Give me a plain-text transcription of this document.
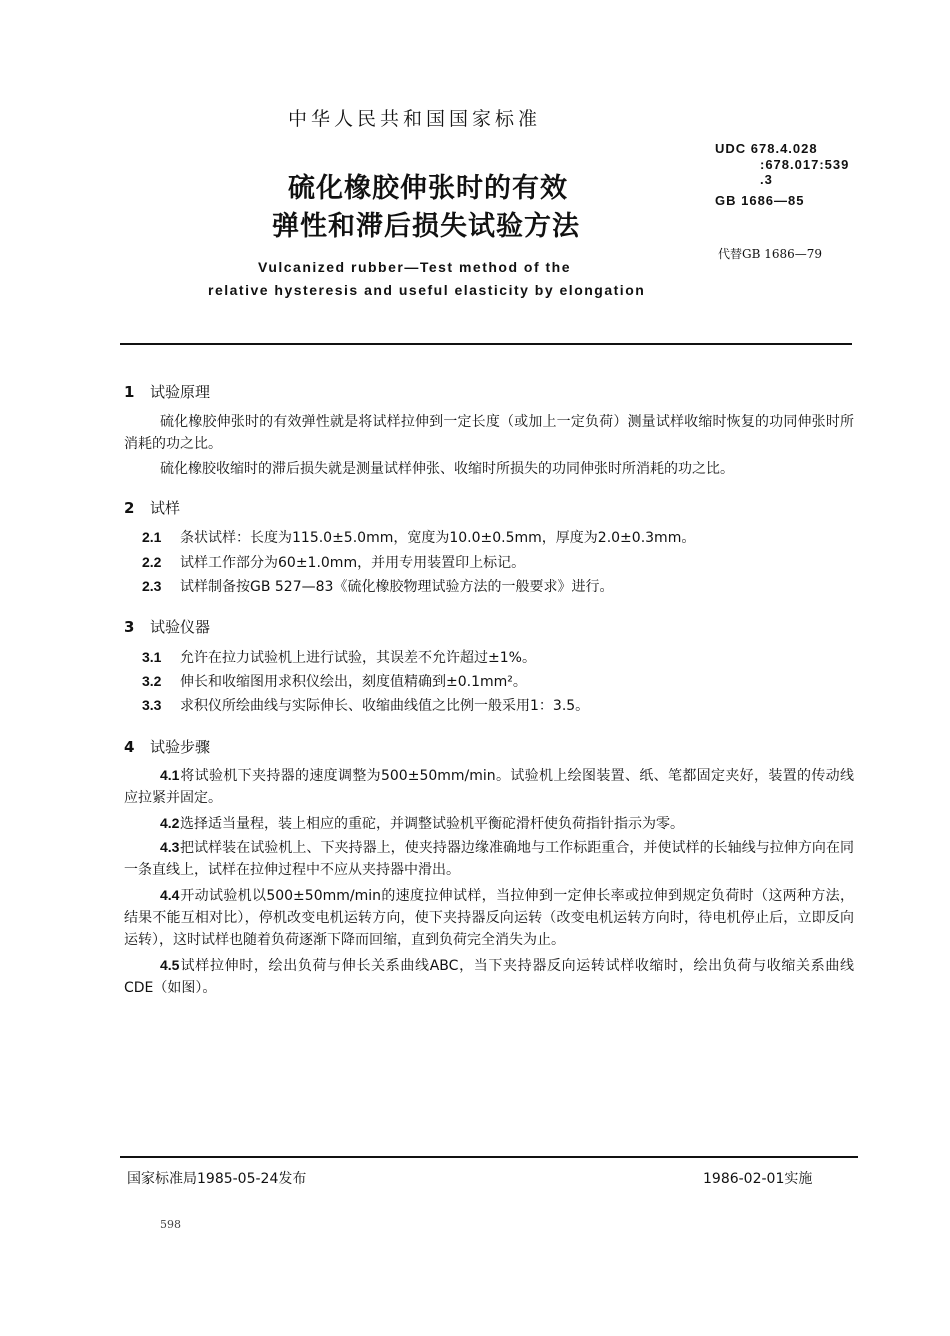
中华人民共和国国家标准
硫化橡胶伸张时的有效
弹性和滞后损失试验方法
Vulcanized rubber—Test method of the
relative hysteresis and useful elasticity by elongation
UDC 678.4.028
:678.017:539
.3
GB 1686—85
代替GB 1686—79
1 试验原理
硫化橡胶伸张时的有效弹性就是将试样拉伸到一定长度（或加上一定负荷）测量试样收缩时恢复的功同伸张时所消耗的功之比。
硫化橡胶收缩时的滞后损失就是测量试样伸张、收缩时所损失的功同伸张时所消耗的功之比。
2 试样
2.1 条状试样：长度为115.0±5.0mm，宽度为10.0±0.5mm，厚度为2.0±0.3mm。
2.2 试样工作部分为60±1.0mm，并用专用装置印上标记。
2.3 试样制备按GB 527—83《硫化橡胶物理试验方法的一般要求》进行。
3 试验仪器
3.1 允许在拉力试验机上进行试验，其误差不允许超过±1%。
3.2 伸长和收缩图用求积仪绘出，刻度值精确到±0.1mm²。
3.3 求积仪所绘曲线与实际伸长、收缩曲线值之比例一般采用1：3.5。
4 试验步骤
4.1将试验机下夹持器的速度调整为500±50mm/min。试验机上绘图装置、纸、笔都固定夹好，装置的传动线应拉紧并固定。
4.2选择适当量程，装上相应的重砣，并调整试验机平衡砣滑杆使负荷指针指示为零。
4.3把试样装在试验机上、下夹持器上，使夹持器边缘准确地与工作标距重合，并使试样的长轴线与拉伸方向在同一条直线上，试样在拉伸过程中不应从夹持器中滑出。
4.4开动试验机以500±50mm/min的速度拉伸试样，当拉伸到一定伸长率或拉伸到规定负荷时（这两种方法，结果不能互相对比），停机改变电机运转方向，使下夹持器反向运转（改变电机运转方向时，待电机停止后，立即反向运转），这时试样也随着负荷逐渐下降而回缩，直到负荷完全消失为止。
4.5试样拉伸时，绘出负荷与伸长关系曲线ABC，当下夹持器反向运转试样收缩时，绘出负荷与收缩关系曲线CDE（如图）。
国家标准局1985-05-24发布	1986-02-01实施
598
